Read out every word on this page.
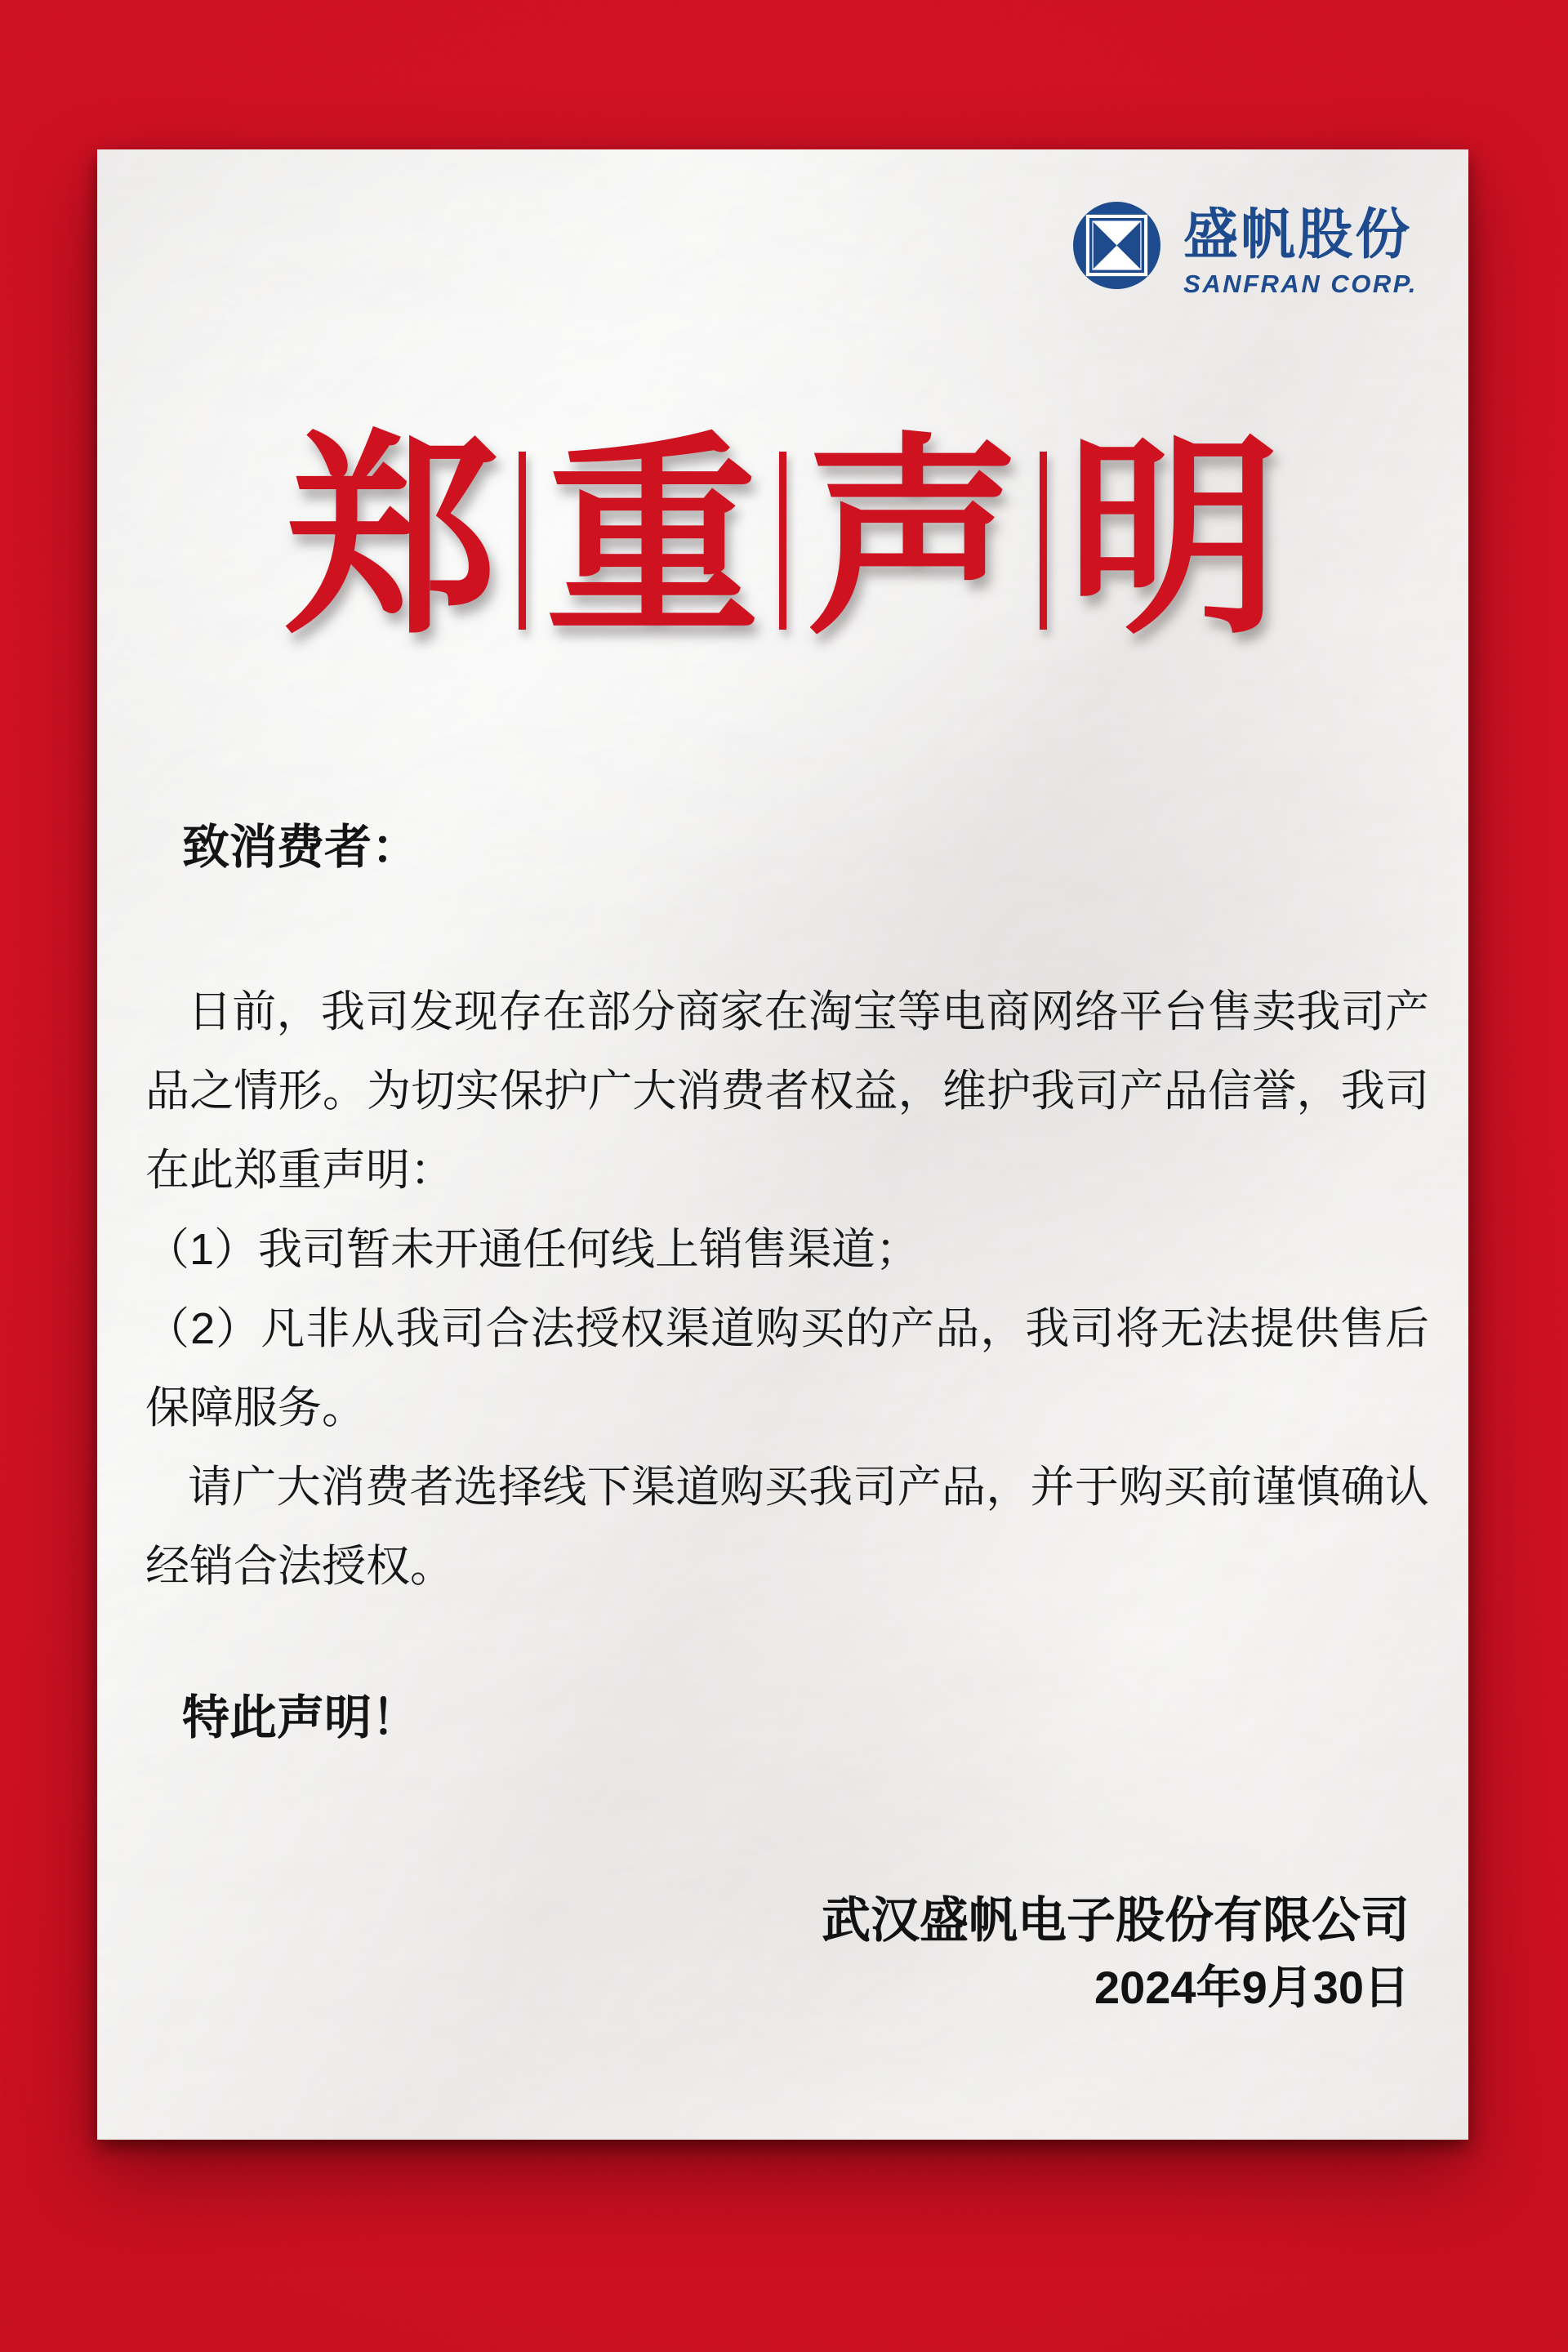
盛帆股份
SANFRAN CORP.
郑 重 声 明
致消费者：

日前，我司发现存在部分商家在淘宝等电商网络平台售卖我司产品之情形。为切实保护广大消费者权益，维护我司产品信誉，我司在此郑重声明：

（1）我司暂未开通任何线上销售渠道；

（2）凡非从我司合法授权渠道购买的产品，我司将无法提供售后保障服务。

请广大消费者选择线下渠道购买我司产品，并于购买前谨慎确认经销合法授权。

特此声明！
武汉盛帆电子股份有限公司
2024年9月30日
